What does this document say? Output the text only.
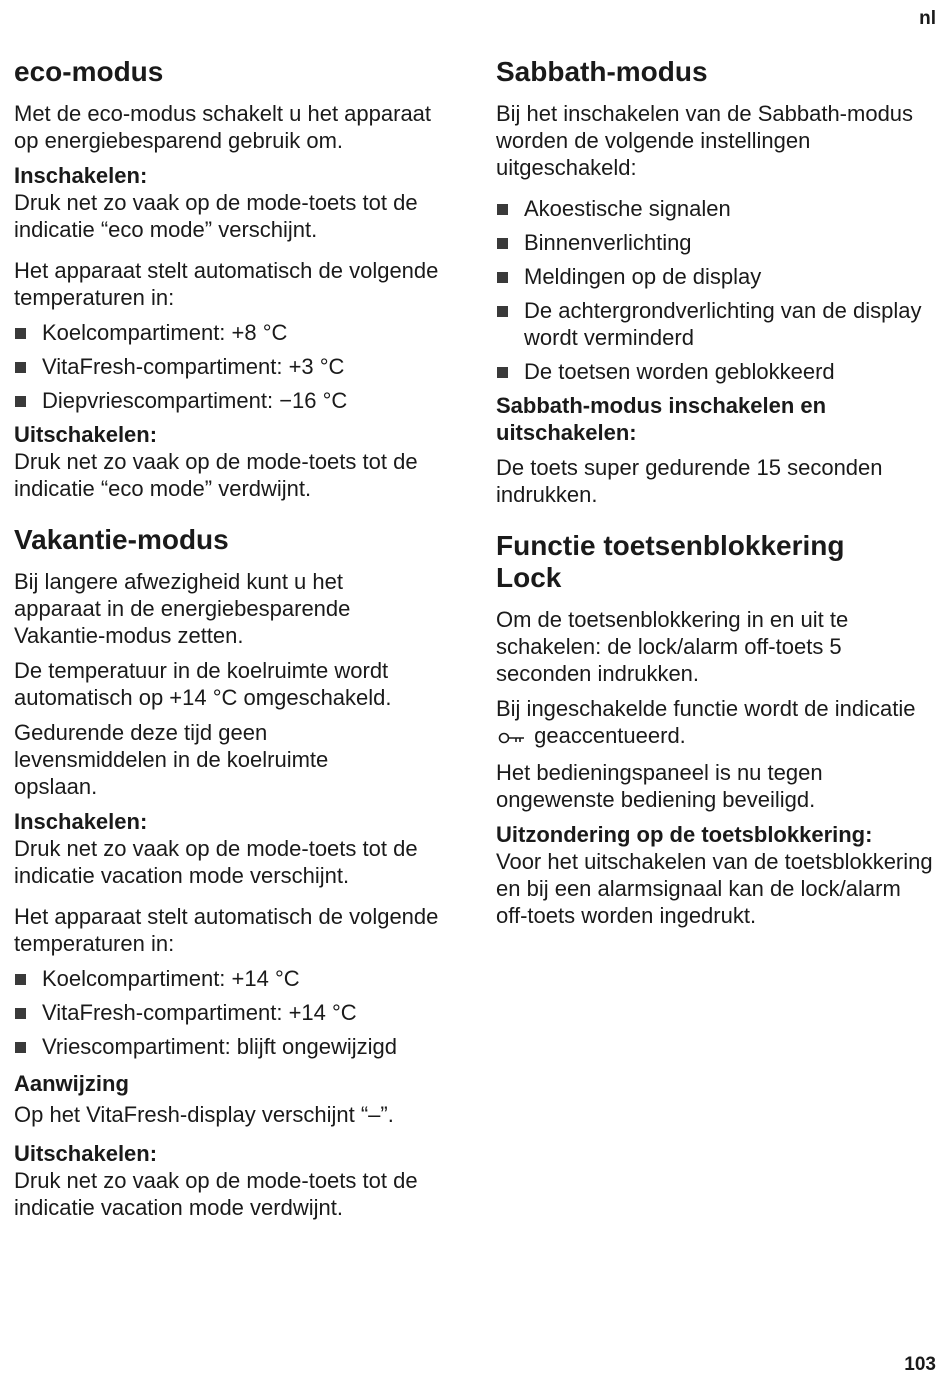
nl
eco-modus

Met de eco-modus schakelt u het apparaat op energiebesparend gebruik om.

Inschakelen:

Druk net zo vaak op de mode-toets tot de indicatie “eco mode” verschijnt.

Het apparaat stelt automatisch de volgende temperaturen in:

Koelcompartiment: +8 °C
VitaFresh-compartiment: +3 °C
Diepvriescompartiment: −16 °C
Uitschakelen:

Druk net zo vaak op de mode-toets tot de indicatie “eco mode” verdwijnt.

Vakantie-modus

Bij langere afwezigheid kunt u het apparaat in de energiebesparende Vakantie-modus zetten.

De temperatuur in de koelruimte wordt automatisch op +14 °C omgeschakeld.

Gedurende deze tijd geen levensmiddelen in de koelruimte opslaan.

Inschakelen:

Druk net zo vaak op de mode-toets tot de indicatie vacation mode verschijnt.

Het apparaat stelt automatisch de volgende temperaturen in:

Koelcompartiment: +14 °C
VitaFresh-compartiment: +14 °C
Vriescompartiment: blijft ongewijzigd
Aanwijzing

Op het VitaFresh-display verschijnt “–”.

Uitschakelen:

Druk net zo vaak op de mode-toets tot de indicatie vacation mode verdwijnt.

Sabbath-modus

Bij het inschakelen van de Sabbath-modus worden de volgende instellingen uitgeschakeld:

Akoestische signalen
Binnenverlichting
Meldingen op de display
De achtergrondverlichting van de display wordt verminderd
De toetsen worden geblokkeerd
Sabbath-modus inschakelen en uitschakelen:

De toets super gedurende 15 seconden indrukken.

Functie toetsenblokkering Lock

Om de toetsenblokkering in en uit te schakelen: de lock/alarm off-toets 5 seconden indrukken.

Bij ingeschakelde functie wordt de indicatie  geaccentueerd.

Het bedieningspaneel is nu tegen ongewenste bediening beveiligd.

Uitzondering op de toetsblokkering:

Voor het uitschakelen van de toetsblokkering en bij een alarmsignaal kan de lock/alarm off-toets worden ingedrukt.

103
